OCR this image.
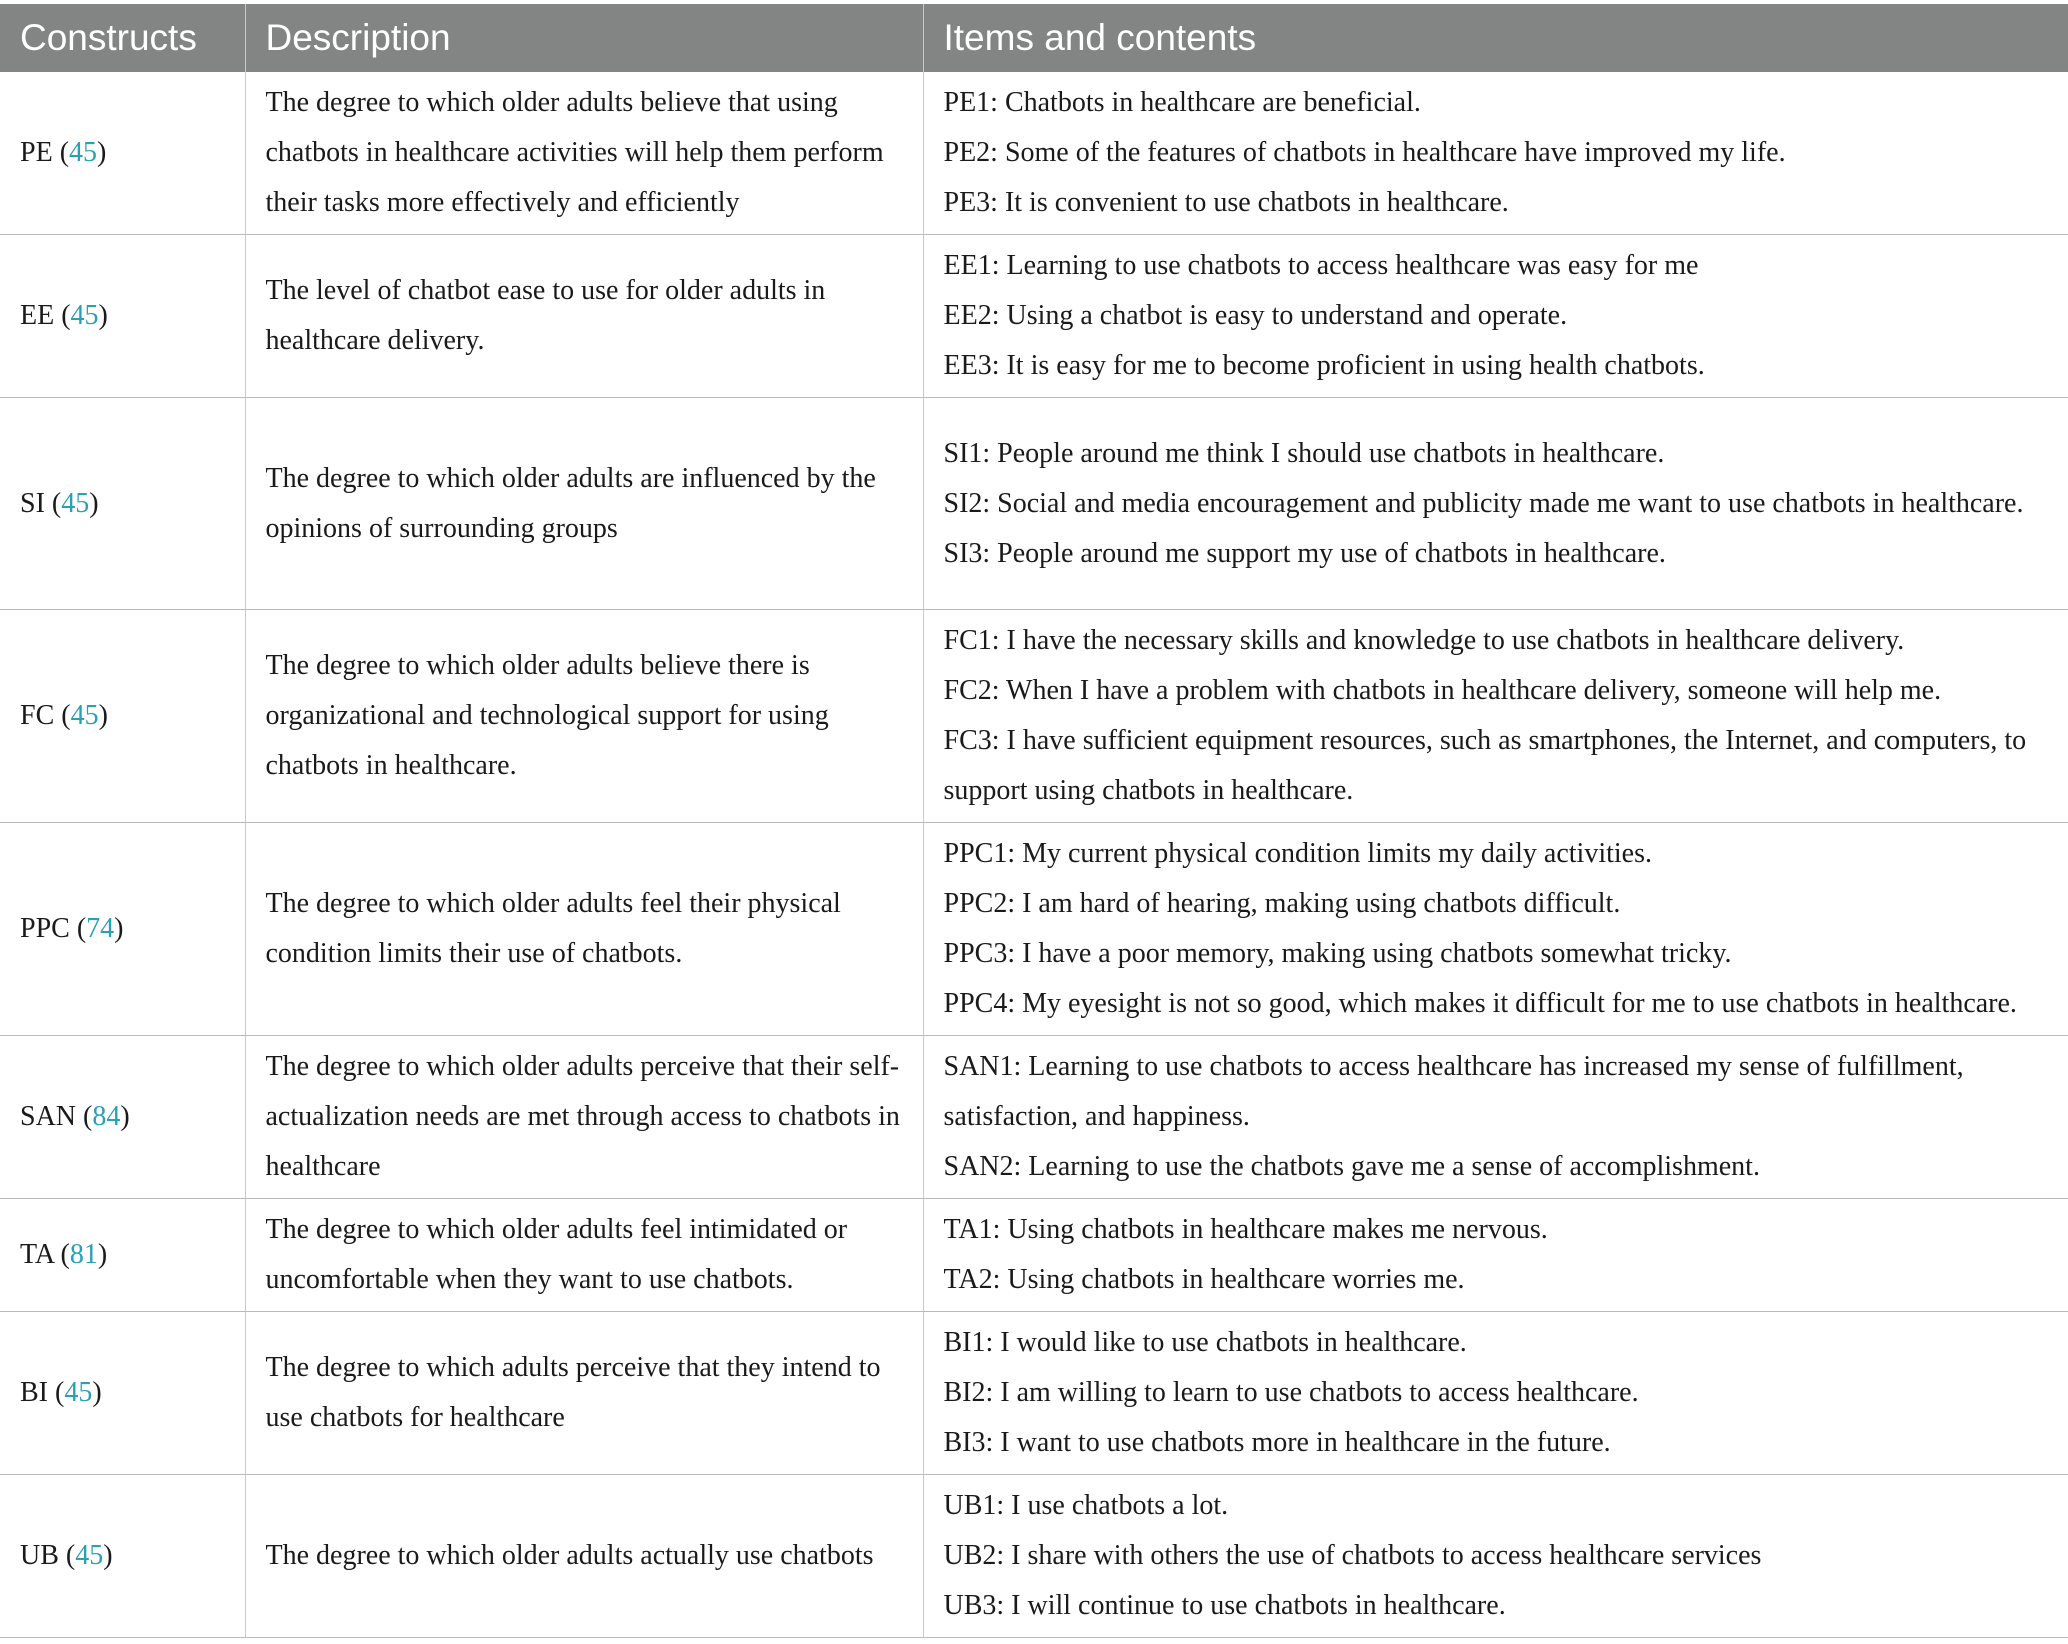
Constructs	Description	Items and contents
PE (45)	The degree to which older adults believe that using chatbots in healthcare activities will help them perform their tasks more effectively and efficiently	PE1: Chatbots in healthcare are beneficial.
PE2: Some of the features of chatbots in healthcare have improved my life.
PE3: It is convenient to use chatbots in healthcare.

EE (45)	The level of chatbot ease to use for older adults in healthcare delivery.	EE1: Learning to use chatbots to access healthcare was easy for me
EE2: Using a chatbot is easy to understand and operate.
EE3: It is easy for me to become proficient in using health chatbots.

SI (45)	The degree to which older adults are influenced by the opinions of surrounding groups	SI1: People around me think I should use chatbots in healthcare.
SI2: Social and media encouragement and publicity made me want to use chatbots in healthcare.
SI3: People around me support my use of chatbots in healthcare.

FC (45)	The degree to which older adults believe there is organizational and technological support for using chatbots in healthcare.	FC1: I have the necessary skills and knowledge to use chatbots in healthcare delivery.
FC2: When I have a problem with chatbots in healthcare delivery, someone will help me.
FC3: I have sufficient equipment resources, such as smartphones, the Internet, and computers, to support using chatbots in healthcare.

PPC (74)	The degree to which older adults feel their physical condition limits their use of chatbots.	PPC1: My current physical condition limits my daily activities.
PPC2: I am hard of hearing, making using chatbots difficult.
PPC3: I have a poor memory, making using chatbots somewhat tricky.
PPC4: My eyesight is not so good, which makes it difficult for me to use chatbots in healthcare.

SAN (84)	The degree to which older adults perceive that their self-actualization needs are met through access to chatbots in healthcare	SAN1: Learning to use chatbots to access healthcare has increased my sense of fulfillment, satisfaction, and happiness.
SAN2: Learning to use the chatbots gave me a sense of accomplishment.

TA (81)	The degree to which older adults feel intimidated or uncomfortable when they want to use chatbots.	TA1: Using chatbots in healthcare makes me nervous.
TA2: Using chatbots in healthcare worries me.

BI (45)	The degree to which adults perceive that they intend to use chatbots for healthcare	BI1: I would like to use chatbots in healthcare.
BI2: I am willing to learn to use chatbots to access healthcare.
BI3: I want to use chatbots more in healthcare in the future.

UB (45)	The degree to which older adults actually use chatbots	UB1: I use chatbots a lot.
UB2: I share with others the use of chatbots to access healthcare services
UB3: I will continue to use chatbots in healthcare.
